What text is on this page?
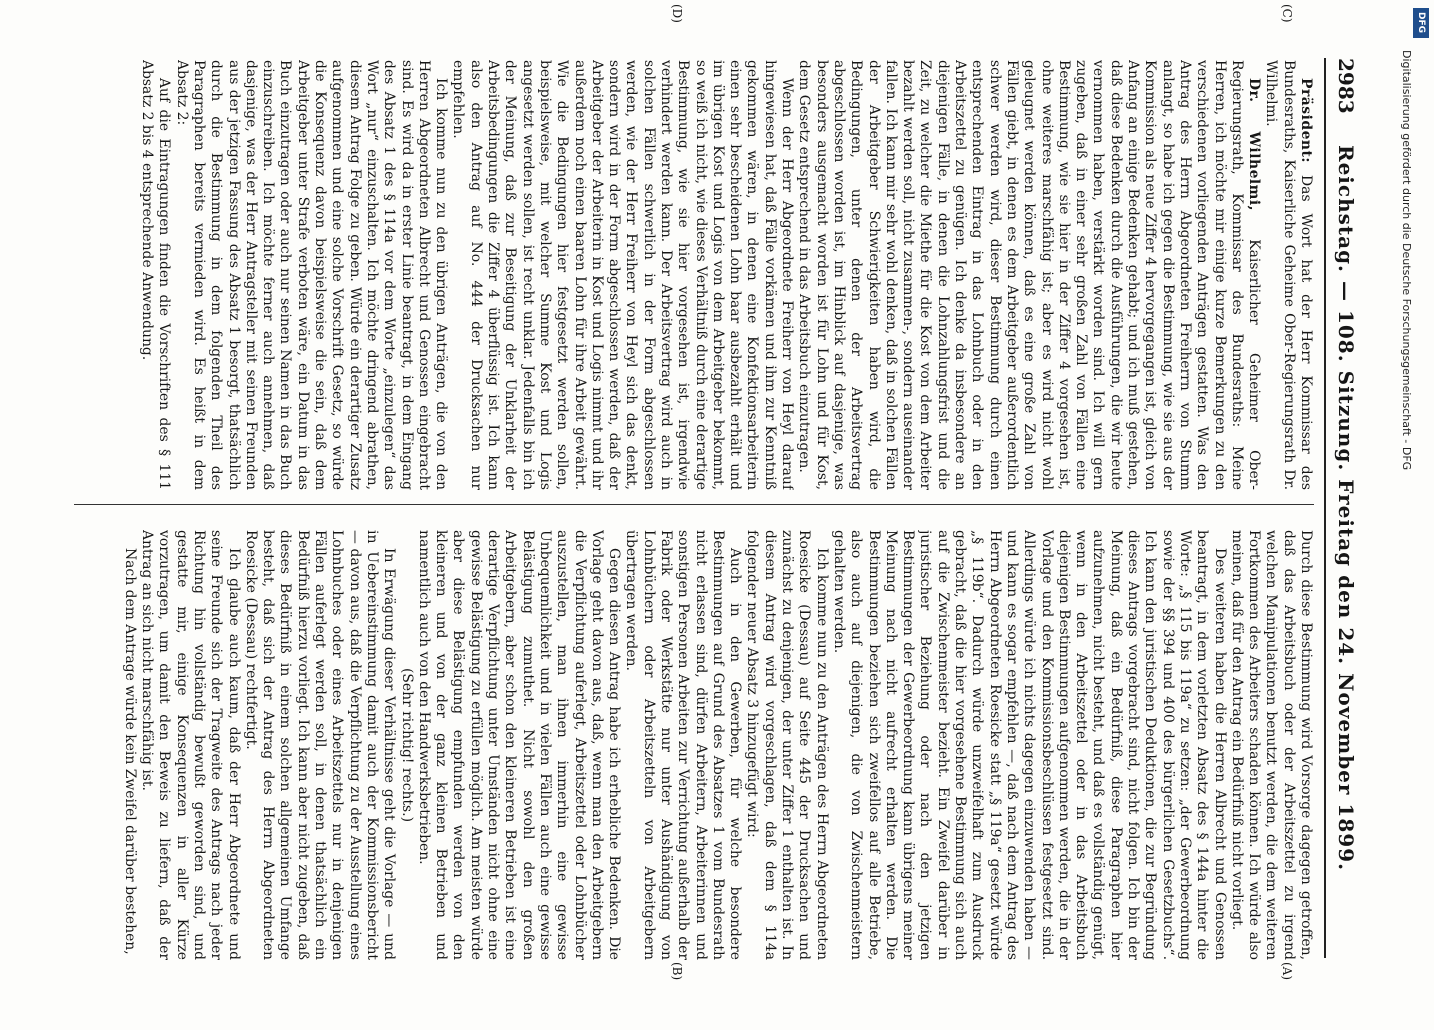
2983
Reichstag. — 108. Sitzung. Freitag den 24. November 1899.
(C)
(D)
(A)
(B)

Durch diese Bestimmung wird Vorsorge dagegen getroffen, daß das Arbeitsbuch oder der Arbeitszettel zu irgend welchen Manipulationen benutzt werden, die dem weiteren Fortkommen des Arbeiters schaden können. Ich würde also meinen, daß für den Antrag ein Bedürfniß nicht vorliegt.

Des weiteren haben die Herren Albrecht und Genossen beantragt, in dem vorletzten Absatz des § 144a hinter die Worte: „§ 115 bis 119a“ zu setzen: „der Gewerbeordnung sowie der §§ 394 und 400 des bürgerlichen Gesetzbuchs“. Ich kann den juristischen Deduktionen, die zur Begründung dieses Antrags vorgebracht sind, nicht folgen. Ich bin der Meinung, daß ein Bedürfniß, diese Paragraphen hier aufzunehmen, nicht besteht, und daß es vollständig genügt, wenn in den Arbeitszettel oder in das Arbeitsbuch diejenigen Bestimmungen aufgenommen werden, die in der Vorlage und den Kommissionsbeschlüssen festgesetzt sind. Allerdings würde ich nichts dagegen einzuwenden haben — und kann es sogar empfehlen —, daß nach dem Antrag des Herrn Abgeordneten Roesicke statt „§ 119a“ gesetzt würde „§ 119b“. Dadurch würde unzweifelhaft zum Ausdruck gebracht, daß die hier vorgesehene Bestimmung sich auch auf die Zwischenmeister bezieht. Ein Zweifel darüber in juristischer Beziehung oder nach den jetzigen Bestimmungen der Gewerbeordnung kann übrigens meiner Meinung nach nicht aufrecht erhalten werden. Die Bestimmungen beziehen sich zweifellos auf alle Betriebe, also auch auf diejenigen, die von Zwischenmeistern gehalten werden.

Ich komme nun zu den Anträgen des Herrn Abgeordneten Roesicke (Dessau) auf Seite 445 der Drucksachen und zunächst zu denjenigen, der unter Ziffer 1 enthalten ist. In diesem Antrag wird vorgeschlagen, daß dem § 114a folgender neuer Absatz 3 hinzugefügt wird:

Auch in den Gewerben, für welche besondere Bestimmungen auf Grund des Absatzes 1 vom Bundesrath nicht erlassen sind, dürfen Arbeitern, Arbeiterinnen und sonstigen Personen Arbeiten zur Verrichtung außerhalb der Fabrik oder Werkstätte nur unter Aushändigung von Lohnbüchern oder Arbeitszetteln von Arbeitgebern übertragen werden.

Gegen diesen Antrag habe ich erhebliche Bedenken. Die Vorlage geht davon aus, daß, wenn man den Arbeitgebern die Verpflichtung auferlegt, Arbeitszettel oder Lohnbücher auszustellen, man ihnen immerhin eine gewisse Unbequemlichkeit und in vielen Fällen auch eine gewisse Belästigung zumuthet. Nicht sowohl den großen Arbeitgebern, aber schon den kleineren Betrieben ist eine derartige Verpflichtung unter Umständen nicht ohne eine gewisse Belästigung zu erfüllen möglich. Am meisten würde aber diese Belästigung empfunden werden von den kleineren und von der ganz kleinen Betrieben und namentlich auch von den Handwerksbetrieben.

(Sehr richtig! rechts.)

In Erwägung dieser Verhältnisse geht die Vorlage — und in Uebereinstimmung damit auch der Kommissionsbericht — davon aus, daß die Verpflichtung zu der Ausstellung eines Lohnbuches oder eines Arbeitszettels nur in denjenigen Fällen auferlegt werden soll, in denen thatsächlich ein Bedürfniß hierzu vorliegt. Ich kann aber nicht zugeben, daß dieses Bedürfniß in einem solchen allgemeinen Umfange besteht, daß sich der Antrag des Herrn Abgeordneten Roesicke (Dessau) rechtfertigt.

Ich glaube auch kaum, daß der Herr Abgeordnete und seine Freunde sich der Tragweite des Antrags nach jeder Richtung hin vollständig bewußt geworden sind, und gestatte mir, einige Konsequenzen in aller Kürze vorzutragen, um damit den Beweis zu liefern, daß der Antrag an sich nicht marschfähig ist.

Nach dem Antrage würde kein Zweifel darüber bestehen,

Präsident: Das Wort hat der Herr Kommissar des Bundesraths, Kaiserliche Geheime Ober-Regierungsrath Dr. Wilhelmi.

Dr. Wilhelmi, Kaiserlicher Geheimer Ober-Regierungsrath, Kommissar des Bundesraths: Meine Herren, ich möchte mir einige kurze Bemerkungen zu den verschiedenen vorliegenden Anträgen gestatten. Was den Antrag des Herrn Abgeordneten Freiherrn von Stumm anlangt, so habe ich gegen die Bestimmung, wie sie aus der Kommission als neue Ziffer 4 hervorgegangen ist, gleich von Anfang an einige Bedenken gehabt; und ich muß gestehen, daß diese Bedenken durch die Ausführungen, die wir heute vernommen haben, verstärkt worden sind. Ich will gern zugeben, daß in einer sehr großen Zahl von Fällen eine Bestimmung, wie sie hier in der Ziffer 4 vorgesehen ist, ohne weiteres marschfähig ist; aber es wird nicht wohl geleugnet werden können, daß es eine große Zahl von Fällen giebt, in denen es dem Arbeitgeber außerordentlich schwer werden wird, dieser Bestimmung durch einen entsprechenden Eintrag in das Lohnbuch oder in den Arbeitszettel zu genügen. Ich denke da insbesondere an diejenigen Fälle, in denen die Lohnzahlungsfrist und die Zeit, zu welcher die Miethe für die Kost von dem Arbeiter bezahlt werden soll, nicht zusammen-, sondern auseinander fallen. Ich kann mir sehr wohl denken, daß in solchen Fällen der Arbeitgeber Schwierigkeiten haben wird, die Bedingungen, unter denen der Arbeitsvertrag abgeschlossen worden ist, im Hinblick auf dasjenige, was besonders ausgemacht worden ist für Lohn und für Kost, dem Gesetz entsprechend in das Arbeitsbuch einzutragen.

Wenn der Herr Abgeordnete Freiherr von Heyl darauf hingewiesen hat, daß Fälle vorkämen und ihm zur Kenntniß gekommen wären, in denen eine Konfektionsarbeiterin einen sehr bescheidenen Lohn baar ausbezahlt erhält und im übrigen Kost und Logis von dem Arbeitgeber bekommt, so weiß ich nicht, wie dieses Verhältniß durch eine derartige Bestimmung, wie sie hier vorgesehen ist, irgendwie verhindert werden kann. Der Arbeitsvertrag wird auch in solchen Fällen schwerlich in der Form abgeschlossen werden, wie der Herr Freiherr von Heyl sich das denkt, sondern wird in der Form abgeschlossen werden, daß der Arbeitgeber der Arbeiterin in Kost und Logis nimmt und ihr außerdem noch einen baaren Lohn für ihre Arbeit gewährt. Wie die Bedingungen hier festgesetzt werden sollen, beispielsweise, mit welcher Summe Kost und Logis angesetzt werden sollen, ist recht unklar. Jedenfalls bin ich der Meinung, daß zur Beseitigung der Unklarheit der Arbeitsbedingungen die Ziffer 4 überflüssig ist. Ich kann also den Antrag auf No. 444 der Drucksachen nur empfehlen.

Ich komme nun zu den übrigen Anträgen, die von den Herren Abgeordneten Albrecht und Genossen eingebracht sind. Es wird da in erster Linie beantragt, in dem Eingang des Absatz 1 des § 114a vor dem Worte „einzulegen“ das Wort „nur“ einzuschalten. Ich möchte dringend abrathen, diesem Antrag Folge zu geben. Würde ein derartiger Zusatz aufgenommen und eine solche Vorschrift Gesetz, so würde die Konsequenz davon beispielsweise die sein, daß dem Arbeitgeber unter Strafe verboten wäre, ein Datum in das Buch einzutragen oder auch nur seinen Namen in das Buch einzuschreiben. Ich möchte ferner auch annehmen, daß dasjenige, was der Herr Antragsteller mit seinen Freunden aus der jetzigen Fassung des Absatz 1 besorgt, thatsächlich durch die Bestimmung in dem folgenden Theil des Paragraphen bereits vermieden wird. Es heißt in dem Absatz 2:

Auf die Eintragungen finden die Vorschriften des § 111 Absatz 2 bis 4 entsprechende Anwendung.	Digitalisierung gefördert durch die Deutsche Forschungsgemeinschaft - DFG
DFG
